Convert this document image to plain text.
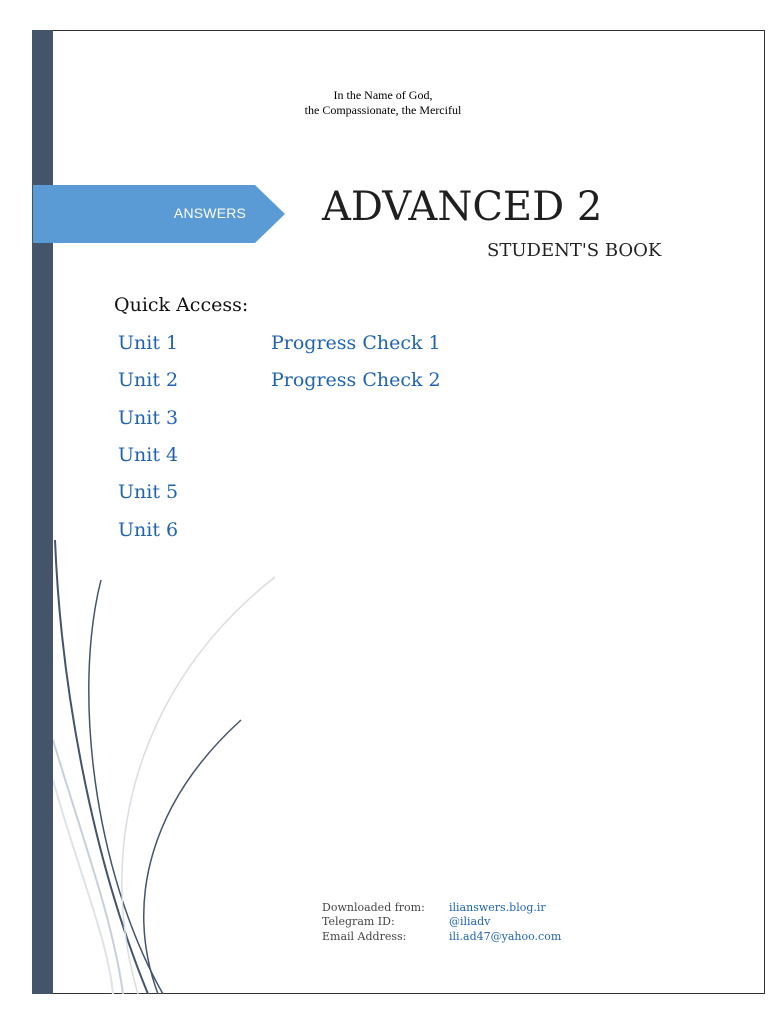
In the Name of God,
the Compassionate, the Merciful
ANSWERS ADVANCED 2
STUDENT'S BOOK
Quick Access:
Unit 1
Unit 2
Unit 3
Unit 4
Unit 5
Unit 6
Progress Check 1
Progress Check 2
Downloaded from: ilianswers.blog.ir
Telegram ID:	@iliadv
Email Address:	ili.ad47@yahoo.com
